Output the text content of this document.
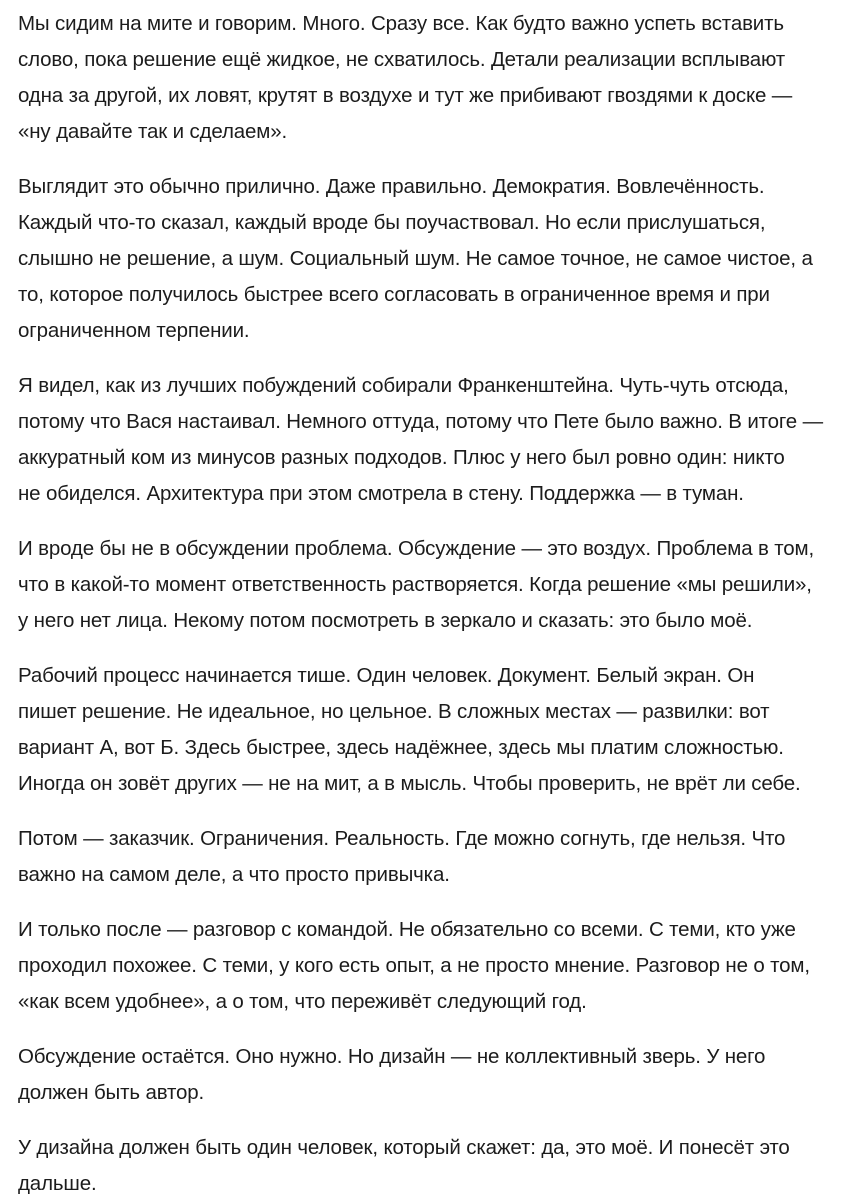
Мы сидим на мите и говорим. Много. Сразу все. Как будто важно успеть вставить
слово, пока решение ещё жидкое, не схватилось. Детали реализации всплывают
одна за другой, их ловят, крутят в воздухе и тут же прибивают гвоздями к доске —
«ну давайте так и сделаем».

Выглядит это обычно прилично. Даже правильно. Демократия. Вовлечённость.
Каждый что-то сказал, каждый вроде бы поучаствовал. Но если прислушаться,
слышно не решение, а шум. Социальный шум. Не самое точное, не самое чистое, а
то, которое получилось быстрее всего согласовать в ограниченное время и при
ограниченном терпении.

Я видел, как из лучших побуждений собирали Франкенштейна. Чуть-чуть отсюда,
потому что Вася настаивал. Немного оттуда, потому что Пете было важно. В итоге —
аккуратный ком из минусов разных подходов. Плюс у него был ровно один: никто
не обиделся. Архитектура при этом смотрела в стену. Поддержка — в туман.

И вроде бы не в обсуждении проблема. Обсуждение — это воздух. Проблема в том,
что в какой-то момент ответственность растворяется. Когда решение «мы решили»,
у него нет лица. Некому потом посмотреть в зеркало и сказать: это было моё.

Рабочий процесс начинается тише. Один человек. Документ. Белый экран. Он
пишет решение. Не идеальное, но цельное. В сложных местах — развилки: вот
вариант А, вот Б. Здесь быстрее, здесь надёжнее, здесь мы платим сложностью.
Иногда он зовёт других — не на мит, а в мысль. Чтобы проверить, не врёт ли себе.

Потом — заказчик. Ограничения. Реальность. Где можно согнуть, где нельзя. Что
важно на самом деле, а что просто привычка.

И только после — разговор с командой. Не обязательно со всеми. С теми, кто уже
проходил похожее. С теми, у кого есть опыт, а не просто мнение. Разговор не о том,
«как всем удобнее», а о том, что переживёт следующий год.

Обсуждение остаётся. Оно нужно. Но дизайн — не коллективный зверь. У него
должен быть автор.

У дизайна должен быть один человек, который скажет: да, это моё. И понесёт это
дальше.
